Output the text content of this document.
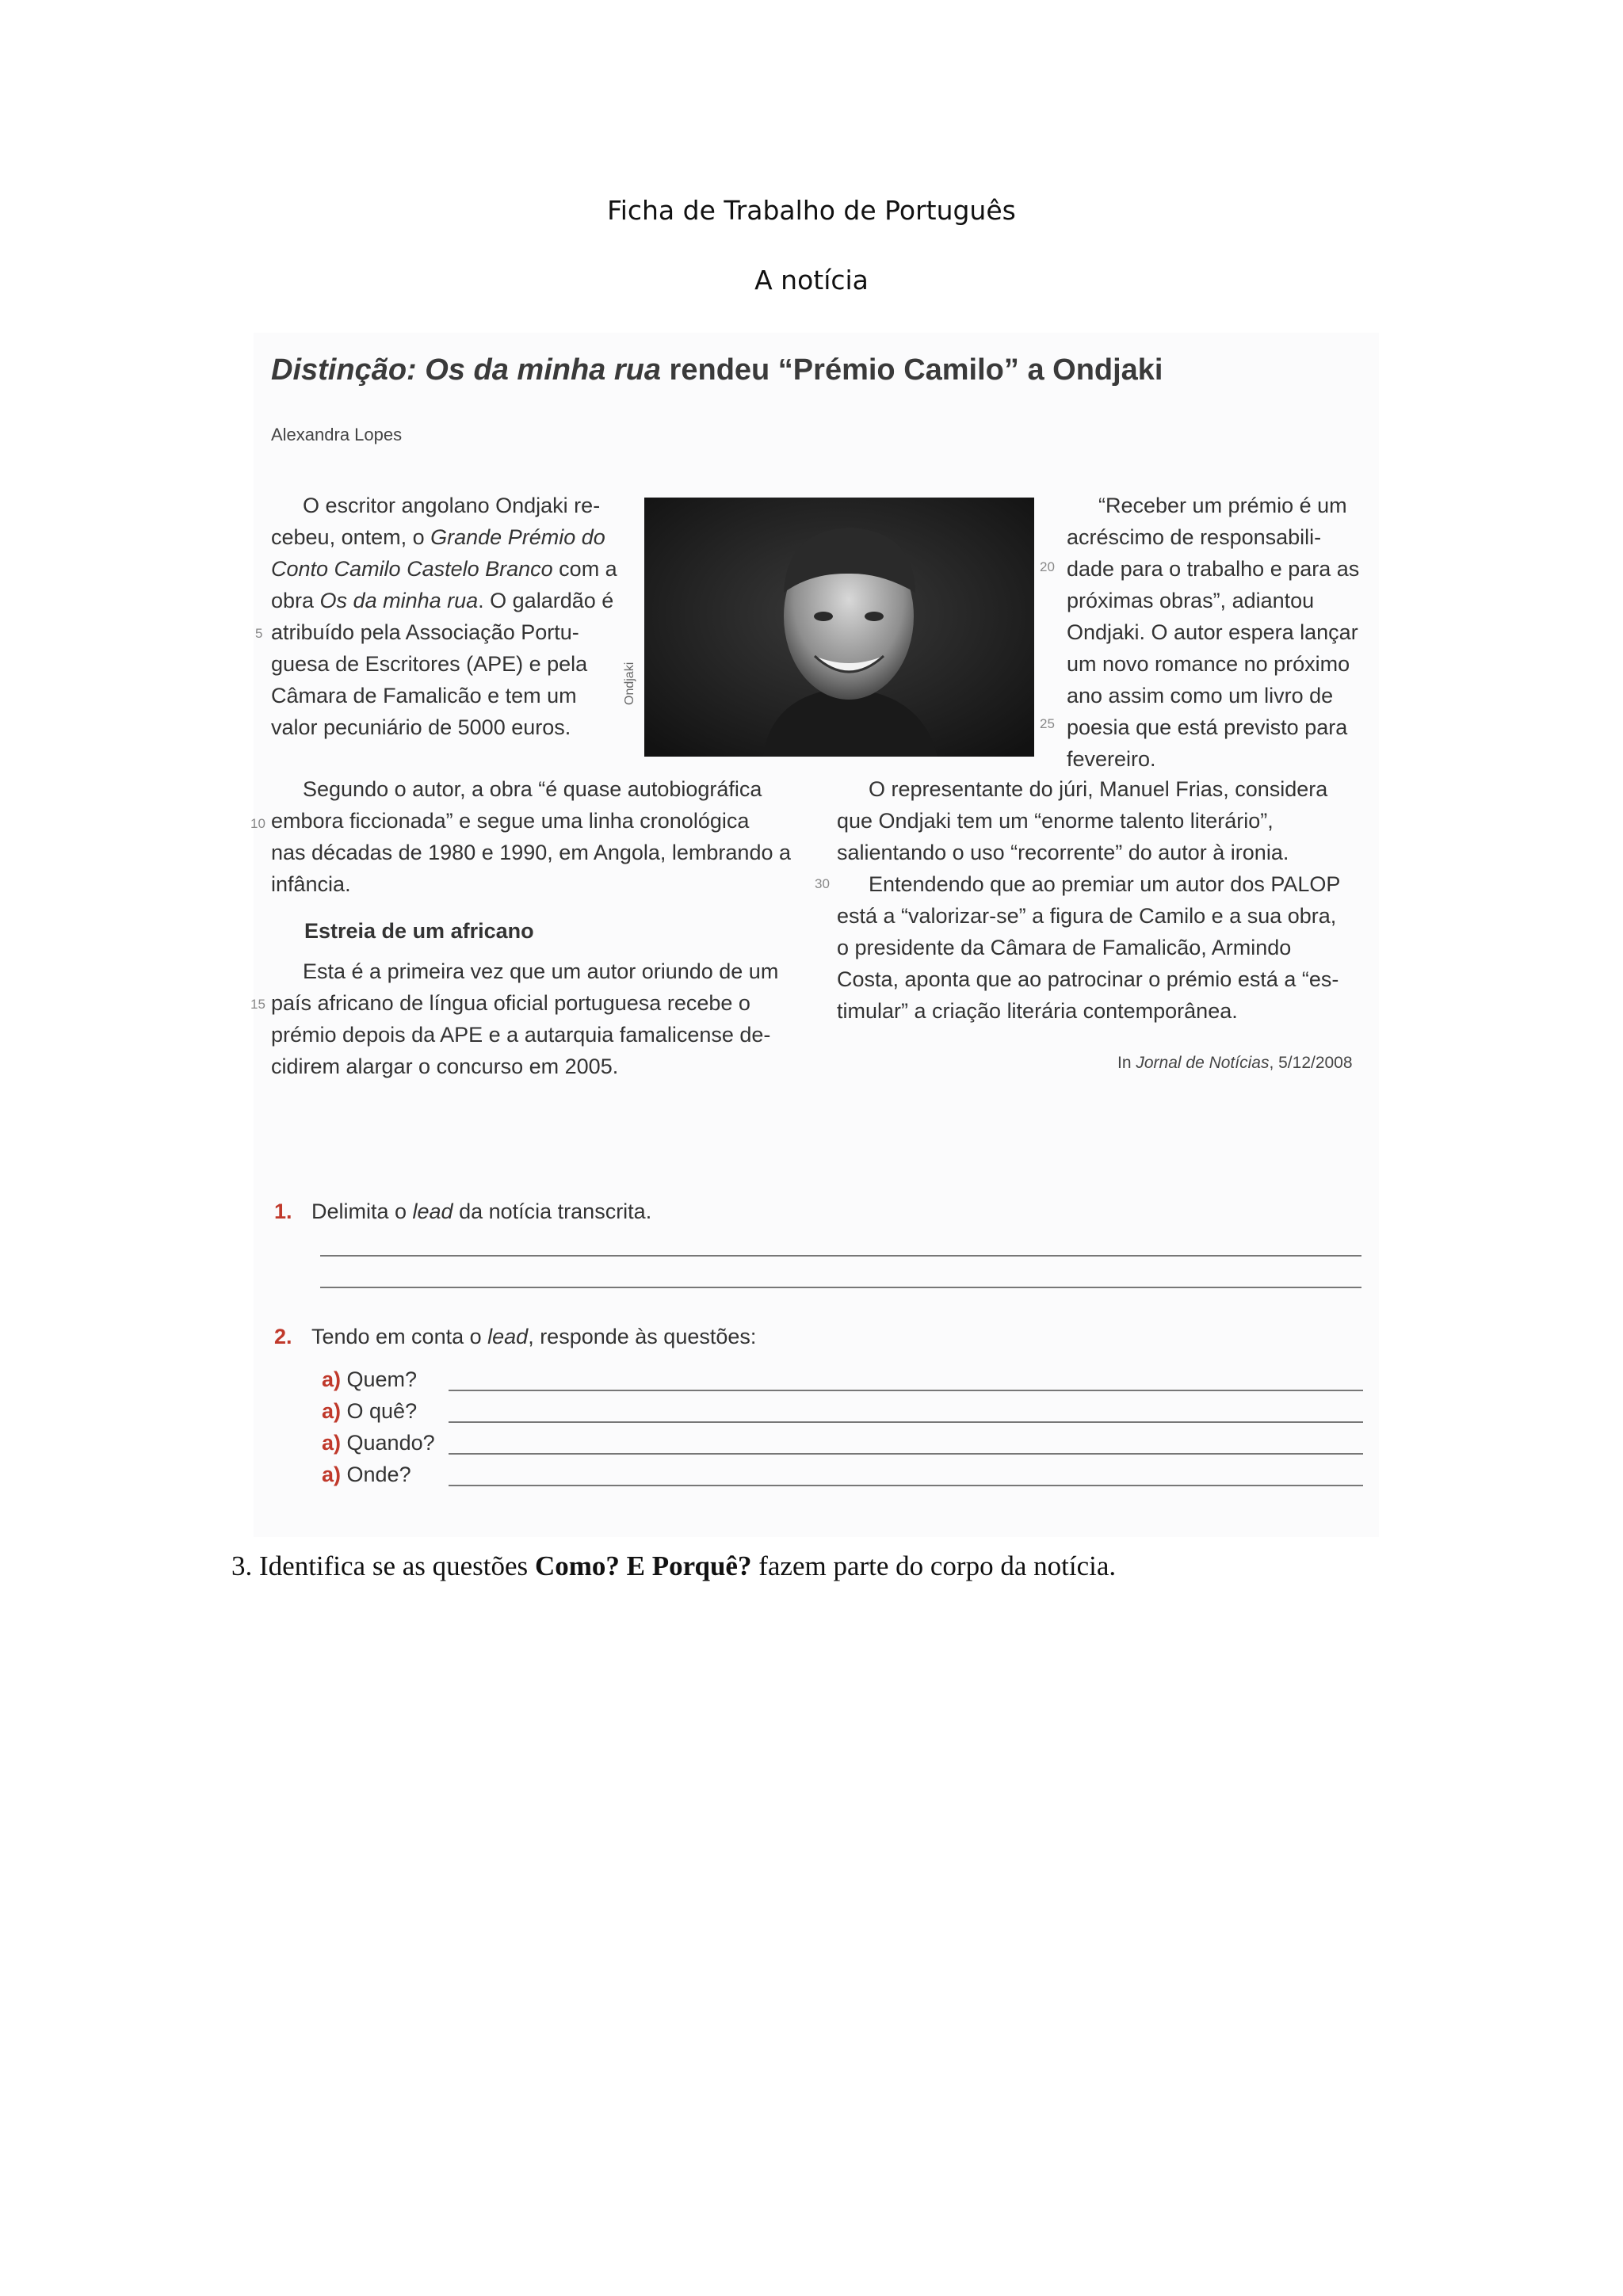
Ficha de Trabalho de Português
A notícia
Distinção: Os da minha rua rendeu “Prémio Camilo” a Ondjaki
Alexandra Lopes
O escritor angolano Ondjaki re-
cebeu, ontem, o Grande Prémio do
Conto Camilo Castelo Branco com a
obra Os da minha rua. O galardão é
atribuído pela Associação Portu-
guesa de Escritores (APE) e pela
Câmara de Famalicão e tem um
valor pecuniário de 5000 euros.
Ondjaki
Segundo o autor, a obra “é quase autobiográfica
embora ficcionada” e segue uma linha cronológica
nas décadas de 1980 e 1990, em Angola, lembrando a
infância.
Estreia de um africano
Esta é a primeira vez que um autor oriundo de um
país africano de língua oficial portuguesa recebe o
prémio depois da APE e a autarquia famalicense de-
cidirem alargar o concurso em 2005.
“Receber um prémio é um
acréscimo de responsabili-
dade para o trabalho e para as
próximas obras”, adiantou
Ondjaki. O autor espera lançar
um novo romance no próximo
ano assim como um livro de
poesia que está previsto para
fevereiro.
O representante do júri, Manuel Frias, considera
que Ondjaki tem um “enorme talento literário”,
salientando o uso “recorrente” do autor à ironia.
Entendendo que ao premiar um autor dos PALOP
está a “valorizar-se” a figura de Camilo e a sua obra,
o presidente da Câmara de Famalicão, Armindo
Costa, aponta que ao patrocinar o prémio está a “es-
timular” a criação literária contemporânea.
5
10
15
20
25
30
In Jornal de Notícias, 5/12/2008
1. Delimita o lead da notícia transcrita.
2. Tendo em conta o lead, responde às questões:
a) Quem?
a) O quê?
a) Quando?
a) Onde?
3. Identifica se as questões Como? E Porquê? fazem parte do corpo da notícia.
